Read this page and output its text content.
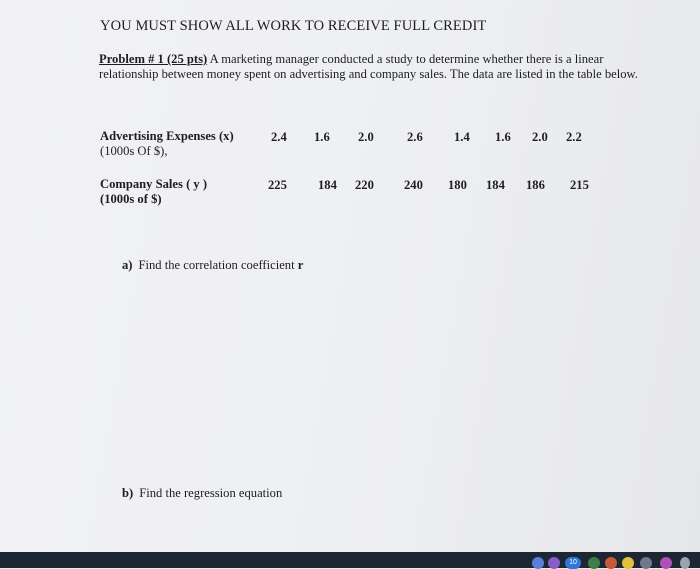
YOU MUST SHOW ALL WORK TO RECEIVE FULL CREDIT
Problem # 1 (25 pts) A marketing manager conducted a study to determine whether there is a linear relationship between money spent on advertising and company sales. The data are listed in the table below.
Advertising Expenses (x)
(1000s Of $),
2.4 1.6 2.0	2.6 1.4 1.6 2.0 2.2
Company Sales ( y )
(1000s of $)
225 184 220 240 180 184 186 215
a) Find the correlation coefficient r
b) Find the regression equation
10
